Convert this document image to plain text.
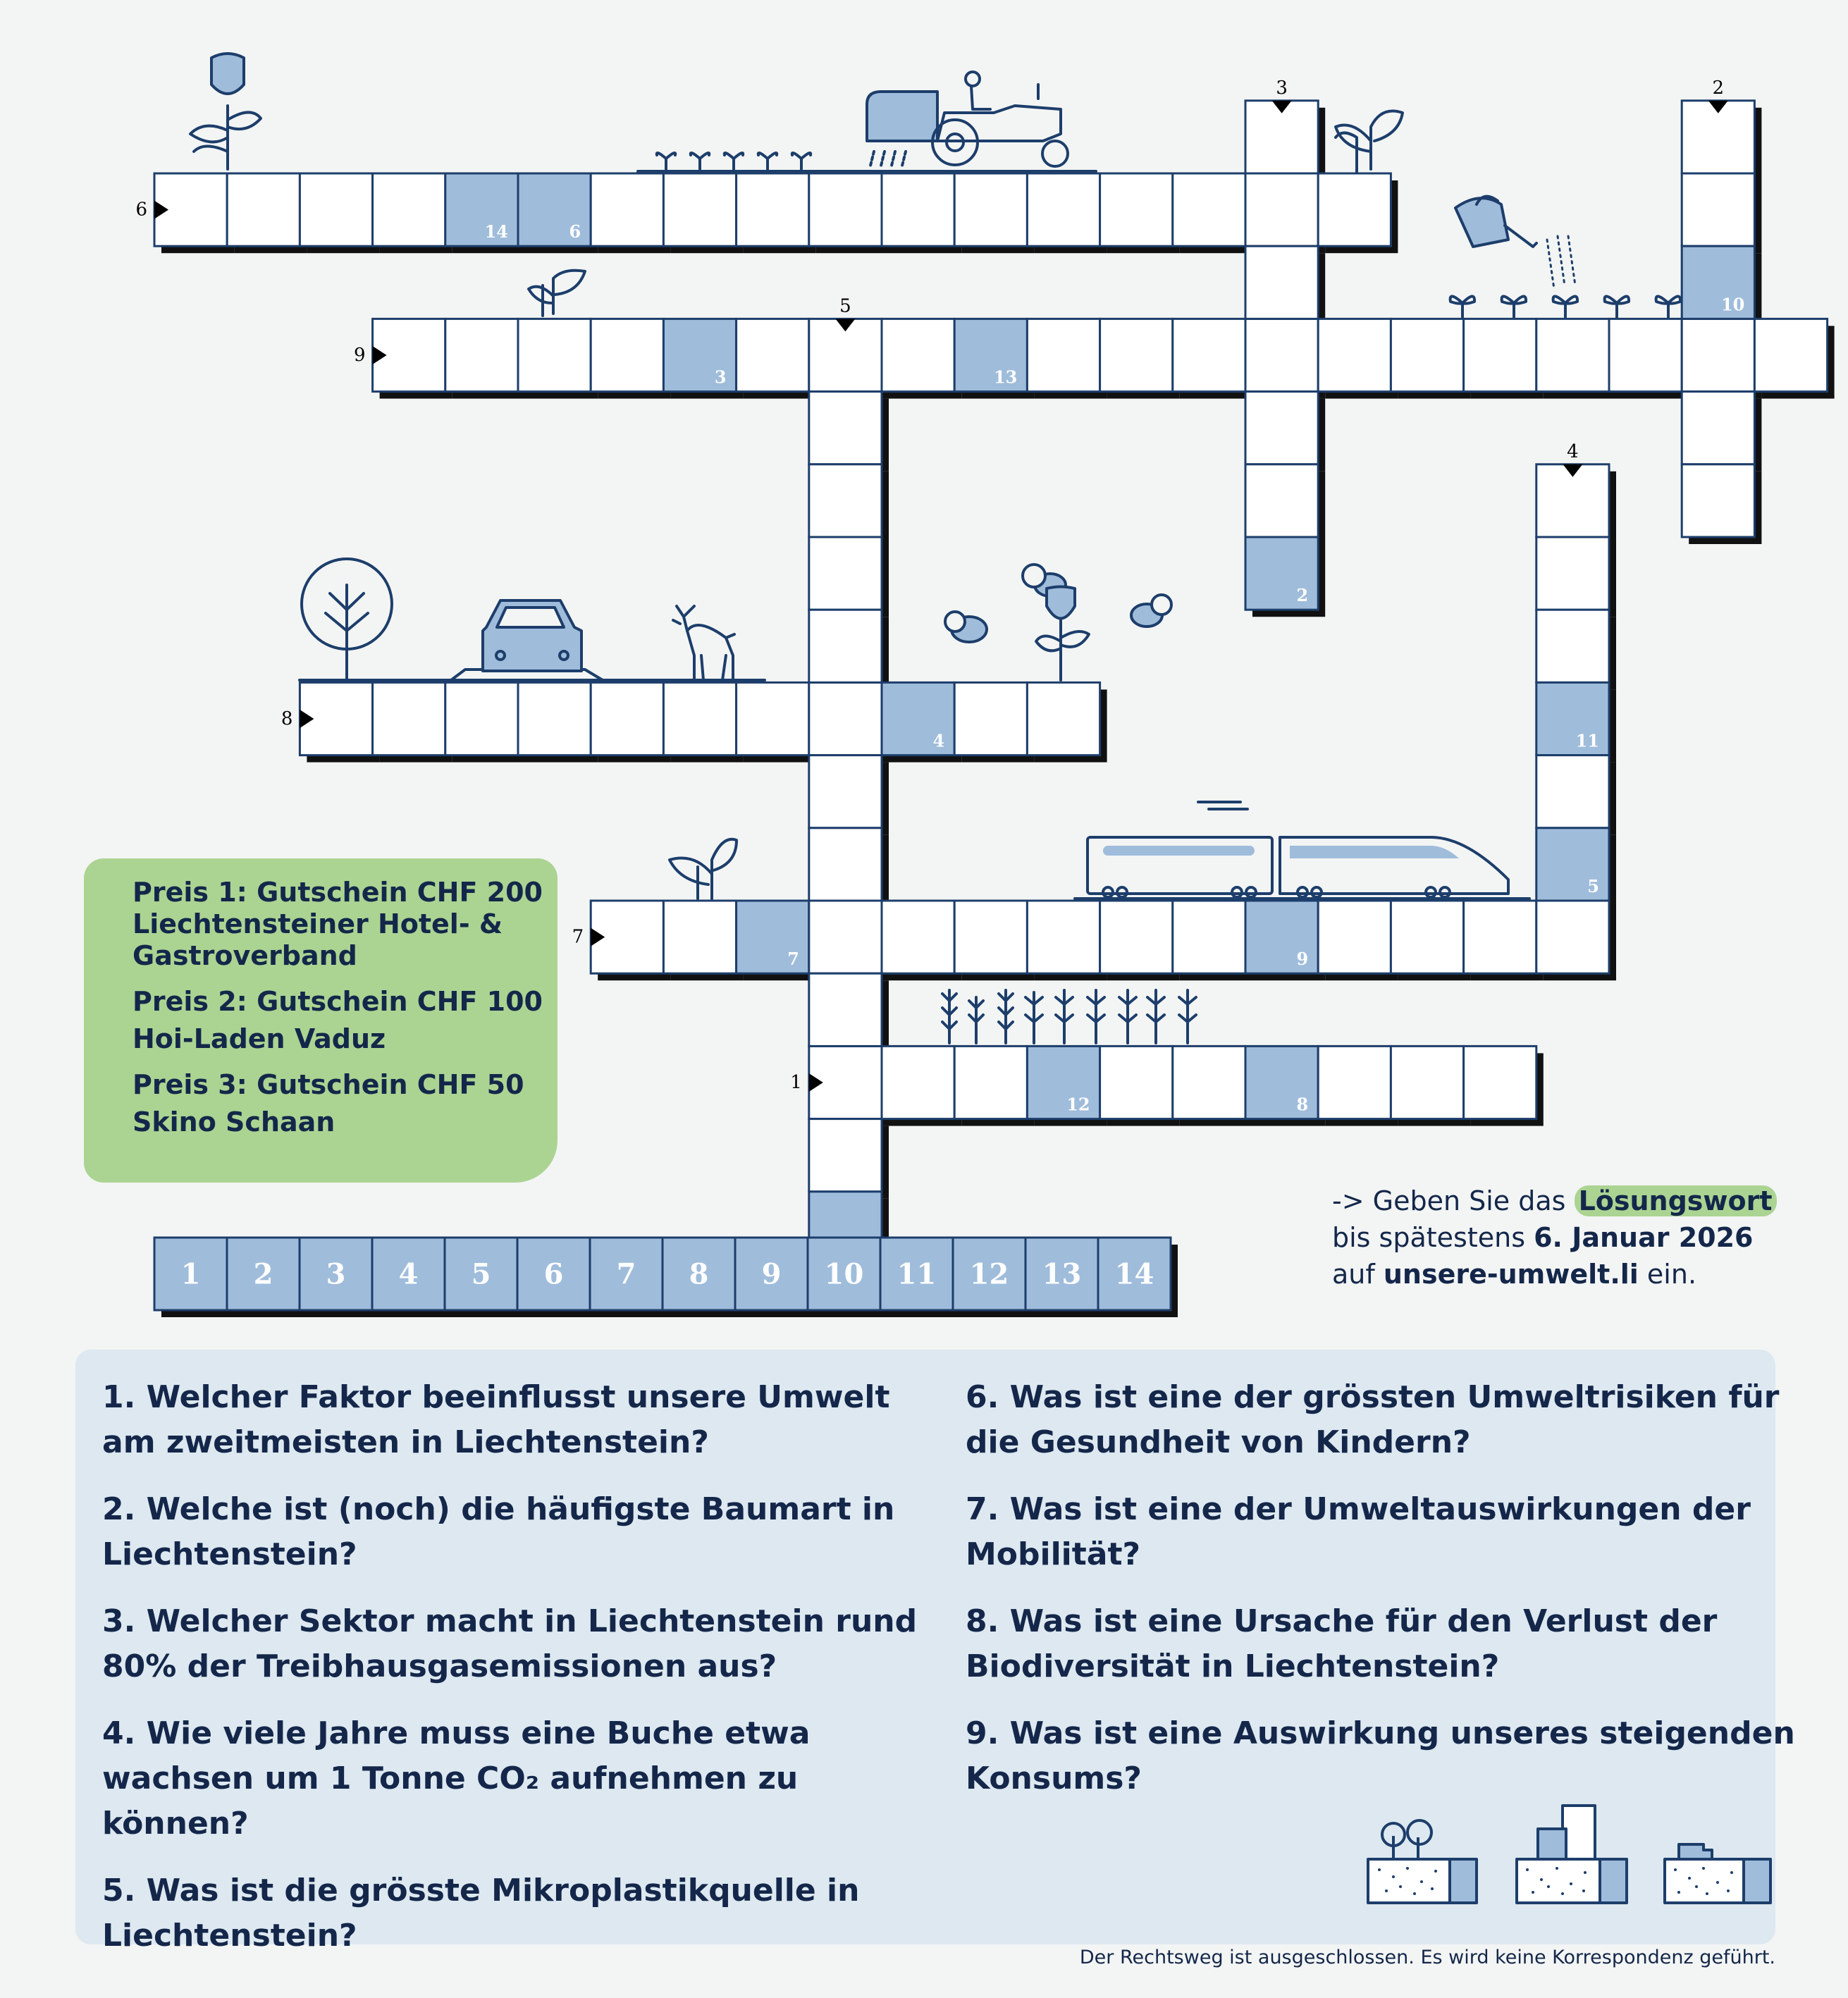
14	6
3	13
4
7	9
12	8
2
10
11
5
6
9
8
7
1
3	2
5
4

Preis 1: Gutschein CHF 200
Liechtensteiner Hotel- &
Gastroverband

Preis 2: Gutschein CHF 100
Hoi-Laden Vaduz

Preis 3: Gutschein CHF 50
Skino Schaan

1 2 3 4 5 6 7 8 9 10 11 12 13 14
-> Geben Sie das Lösungswort
bis spätestens 6. Januar 2026
auf unsere-umwelt.li ein.

1. Welcher Faktor beeinflusst unsere Umwelt am zweitmeisten in Liechtenstein?

2. Welche ist (noch) die häufigste Baumart in Liechtenstein?

3. Welcher Sektor macht in Liechtenstein rund 80% der Treibhausgasemissionen aus?

4. Wie viele Jahre muss eine Buche etwa wachsen um 1 Tonne CO₂ aufnehmen zu können?

5. Was ist die grösste Mikroplastikquelle in Liechtenstein?

6. Was ist eine der grössten Umweltrisiken für die Gesundheit von Kindern?

7. Was ist eine der Umweltauswirkungen der Mobilität?

8. Was ist eine Ursache für den Verlust der Biodiversität in Liechtenstein?

9. Was ist eine Auswirkung unseres steigenden Konsums?

Der Rechtsweg ist ausgeschlossen. Es wird keine Korrespondenz geführt.
